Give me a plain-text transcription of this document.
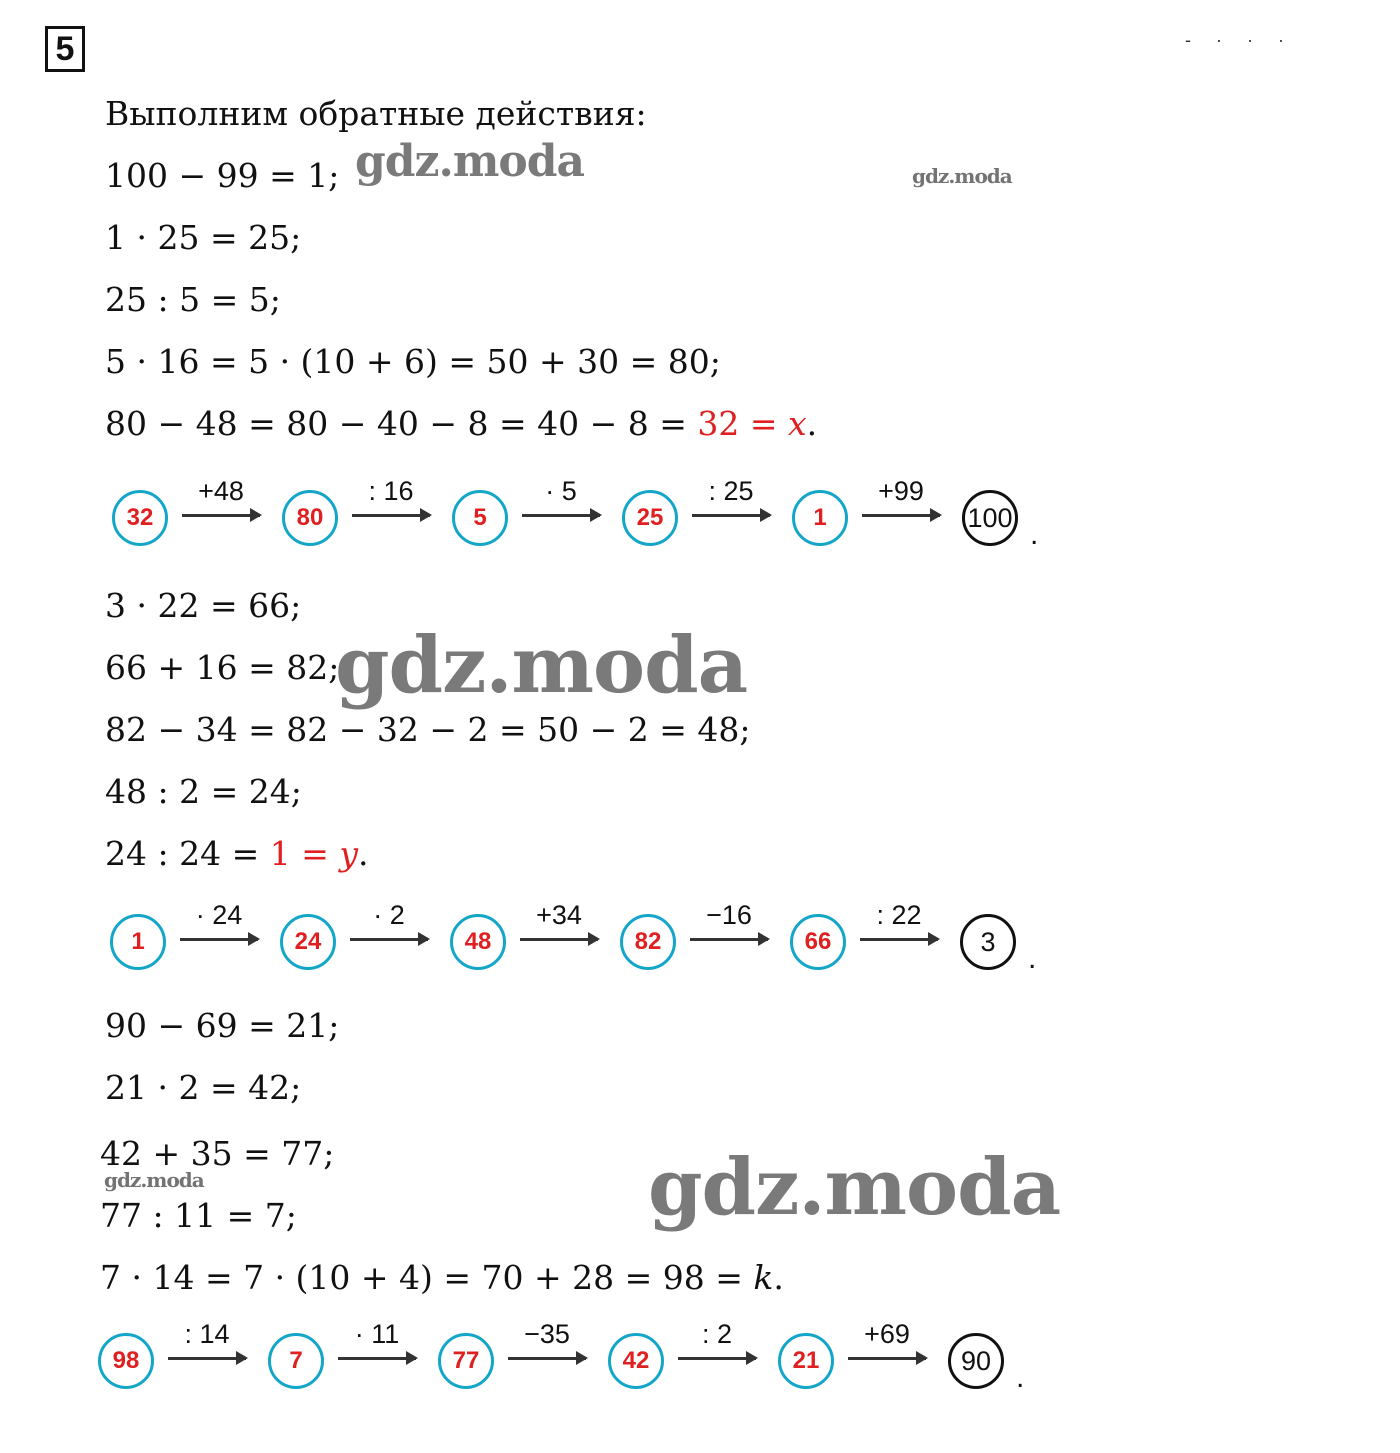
5	- · · ·
Выполним обратные действия:
100 − 99 = 1;
1 · 25 = 25;
25 : 5 = 5;
5 · 16 = 5 · (10 + 6) = 50 + 30 = 80;
80 − 48 = 80 − 40 − 8 = 40 − 8 = 32 = x.
32	80	5	25	1	100
+48	: 16	· 5	: 25	+99
.
3 · 22 = 66;
66 + 16 = 82;
82 − 34 = 82 − 32 − 2 = 50 − 2 = 48;
48 : 2 = 24;
24 : 24 = 1 = y.
1	24	48	82	66	3
· 24	· 2	+34	−16	: 22
.
90 − 69 = 21;
21 · 2 = 42;
42 + 35 = 77;
77 : 11 = 7;
7 · 14 = 7 · (10 + 4) = 70 + 28 = 98 = k.
98	7	77	42	21	90
: 14	· 11	−35	: 2	+69
.
gdz.moda	gdz.moda
gdz.moda
gdz.moda	gdz.moda
